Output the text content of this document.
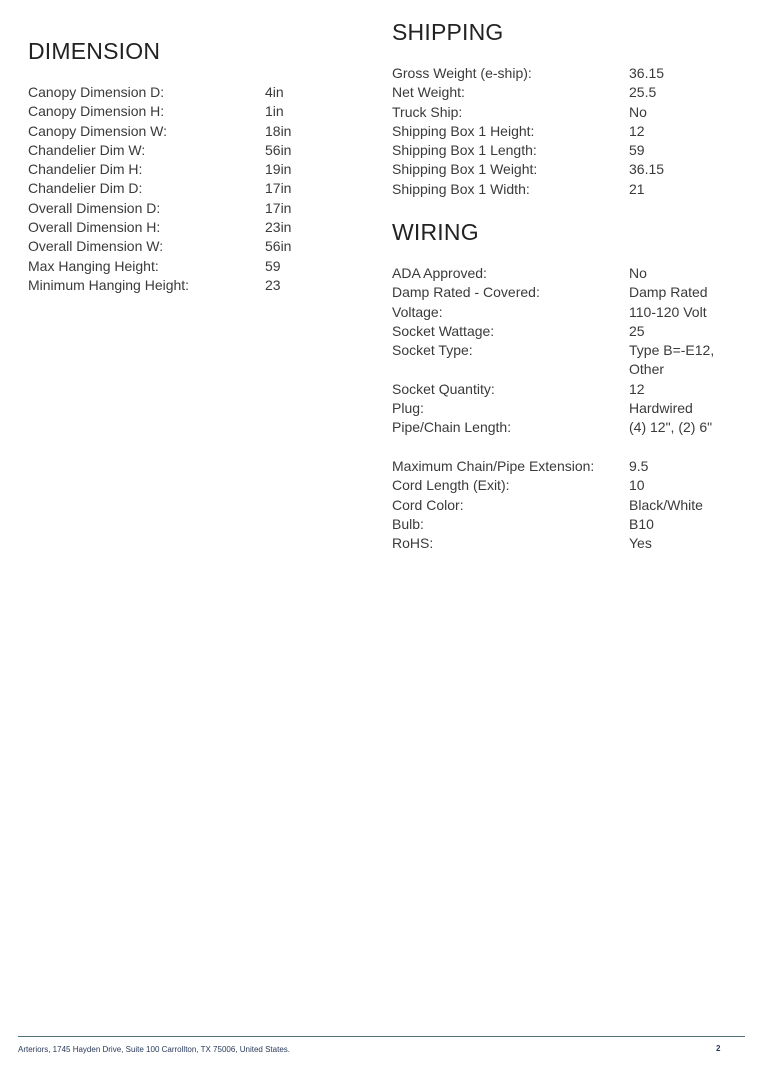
DIMENSION
Canopy Dimension D:	4in
Canopy Dimension H:	1in
Canopy Dimension W:	18in
Chandelier Dim W:	56in
Chandelier Dim H:	19in
Chandelier Dim D:	17in
Overall Dimension D:	17in
Overall Dimension H:	23in
Overall Dimension W:	56in
Max Hanging Height:	59
Minimum Hanging Height:	23
SHIPPING
Gross Weight (e-ship):	36.15
Net Weight:	25.5
Truck Ship:	No
Shipping Box 1 Height:	12
Shipping Box 1 Length:	59
Shipping Box 1 Weight:	36.15
Shipping Box 1 Width:	21
WIRING
ADA Approved:	No
Damp Rated - Covered:	Damp Rated
Voltage:	110-120 Volt
Socket Wattage:	25
Socket Type:	Type B=-E12, Other
Socket Quantity:	12
Plug:	Hardwired
Pipe/Chain Length:	(4) 12", (2) 6"
Maximum Chain/Pipe Extension: 9.5
Cord Length (Exit):	10
Cord Color:	Black/White
Bulb:	B10
RoHS:	Yes
Arteriors, 1745 Hayden Drive, Suite 100 Carrollton, TX 75006, United States.	2
